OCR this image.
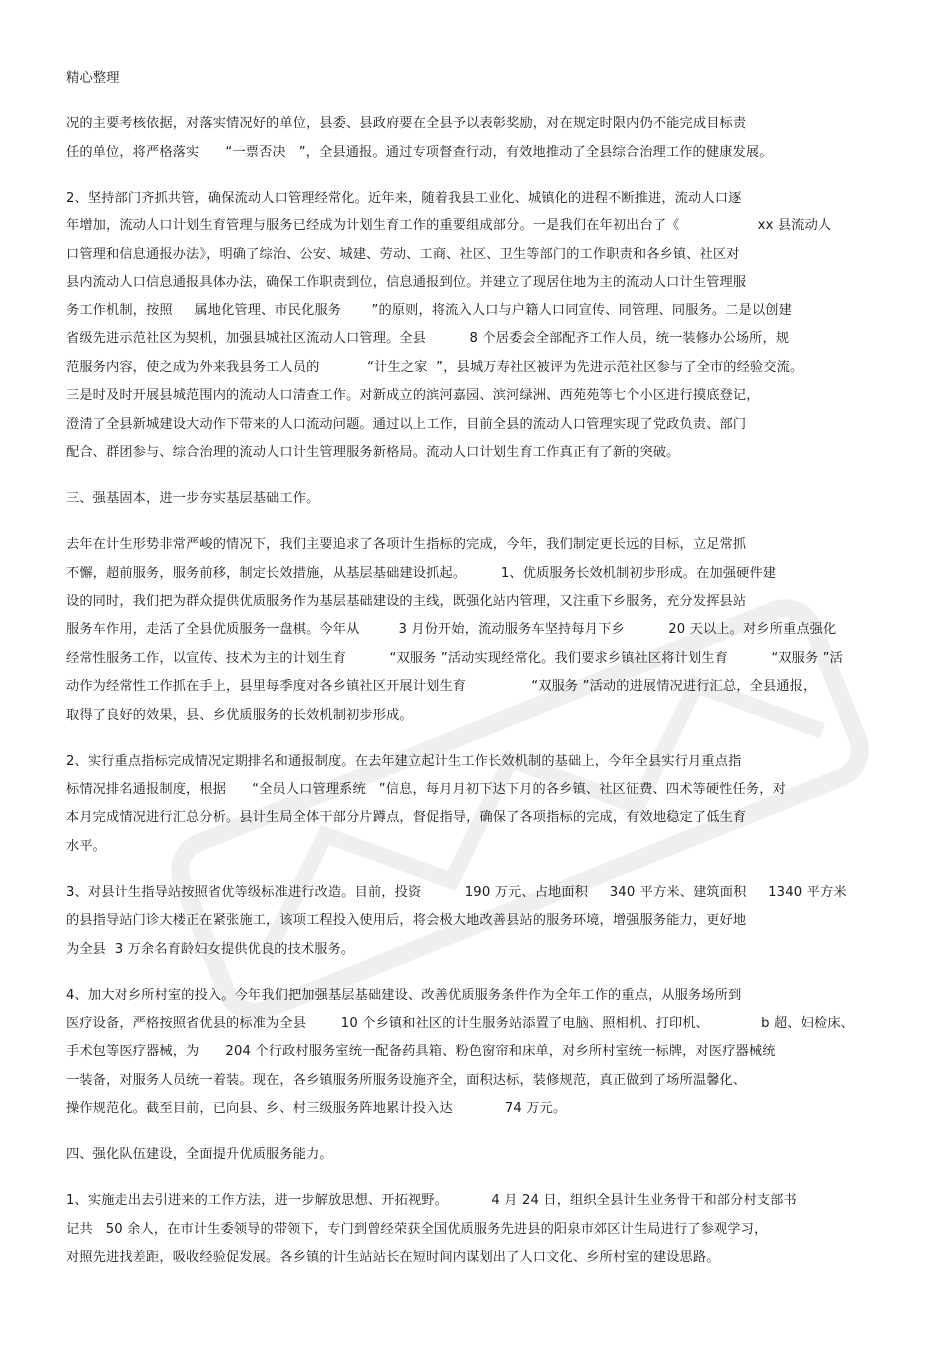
精心整理
况的主要考核依据，对落实情况好的单位，县委、县政府要在全县予以表彰奖励，对在规定时限内仍不能完成目标责
任的单位，将严格落实      “一票否决   ”，全县通报。通过专项督查行动，有效地推动了全县综合治理工作的健康发展。
2、坚持部门齐抓共管，确保流动人口管理经常化。近年来，随着我县工业化、城镇化的进程不断推进，流动人口逐
年增加，流动人口计划生育管理与服务已经成为计划生育工作的重要组成部分。一是我们在年初出台了《                  xx 县流动人
口管理和信息通报办法》，明确了综治、公安、城建、劳动、工商、社区、卫生等部门的工作职责和各乡镇、社区对
县内流动人口信息通报具体办法，确保工作职责到位，信息通报到位。并建立了现居住地为主的流动人口计生管理服
务工作机制，按照     属地化管理、市民化服务       ”的原则，将流入人口与户籍人口同宣传、同管理、同服务。二是以创建
省级先进示范社区为契机，加强县城社区流动人口管理。全县          8 个居委会全部配齐工作人员，统一装修办公场所，规
范服务内容，使之成为外来我县务工人员的           “计生之家  ”，县城万寿社区被评为先进示范社区参与了全市的经验交流。
三是时及时开展县城范围内的流动人口清查工作。对新成立的滨河嘉园、滨河绿洲、西苑苑等七个小区进行摸底登记，
澄清了全县新城建设大动作下带来的人口流动问题。通过以上工作，目前全县的流动人口管理实现了党政负责、部门
配合、群团参与、综合治理的流动人口计生管理服务新格局。流动人口计划生育工作真正有了新的突破。
三、强基固本，进一步夯实基层基础工作。
去年在计生形势非常严峻的情况下，我们主要追求了各项计生指标的完成，今年，我们制定更长远的目标，立足常抓
不懈，超前服务，服务前移，制定长效措施，从基层基础建设抓起。        1、优质服务长效机制初步形成。在加强硬件建
设的同时，我们把为群众提供优质服务作为基层基础建设的主线，既强化站内管理，又注重下乡服务，充分发挥县站
服务车作用，走活了全县优质服务一盘棋。今年从         3 月份开始，流动服务车坚持每月下乡          20 天以上。对乡所重点强化
经常性服务工作，以宣传、技术为主的计划生育          “双服务 ”活动实现经常化。我们要求乡镇社区将计划生育          “双服务 ”活
动作为经常性工作抓在手上，县里每季度对各乡镇社区开展计划生育               “双服务 ”活动的进展情况进行汇总，全县通报，
取得了良好的效果，县、乡优质服务的长效机制初步形成。
2、实行重点指标完成情况定期排名和通报制度。在去年建立起计生工作长效机制的基础上，今年全县实行月重点指
标情况排名通报制度，根据      “全员人口管理系统   ”信息，每月月初下达下月的各乡镇、社区征费、四术等硬性任务，对
本月完成情况进行汇总分析。县计生局全体干部分片蹲点，督促指导，确保了各项指标的完成，有效地稳定了低生育
水平。
3、对县计生指导站按照省优等级标准进行改造。目前，投资          190 万元、占地面积     340 平方米、建筑面积     1340 平方米
的县指导站门诊大楼正在紧张施工，该项工程投入使用后，将会极大地改善县站的服务环境，增强服务能力，更好地
为全县  3 万余名育龄妇女提供优良的技术服务。
4、加大对乡所村室的投入。今年我们把加强基层基础建设、改善优质服务条件作为全年工作的重点，从服务场所到
医疗设备，严格按照省优县的标准为全县        10 个乡镇和社区的计生服务站添置了电脑、照相机、打印机、            b 超、妇检床、
手术包等医疗器械，为      204 个行政村服务室统一配备药具箱、粉色窗帘和床单，对乡所村室统一标牌，对医疗器械统
一装备，对服务人员统一着装。现在，各乡镇服务所服务设施齐全，面积达标，装修规范，真正做到了场所温馨化、
操作规范化。截至目前，已向县、乡、村三级服务阵地累计投入达            74 万元。
四、强化队伍建设，全面提升优质服务能力。
1、实施走出去引进来的工作方法，进一步解放思想、开拓视野。          4 月 24 日，组织全县计生业务骨干和部分村支部书
记共   50 余人，在市计生委领导的带领下，专门到曾经荣获全国优质服务先进县的阳泉市郊区计生局进行了参观学习，
对照先进找差距，吸收经验促发展。各乡镇的计生站站长在短时间内谋划出了人口文化、乡所村室的建设思路。
